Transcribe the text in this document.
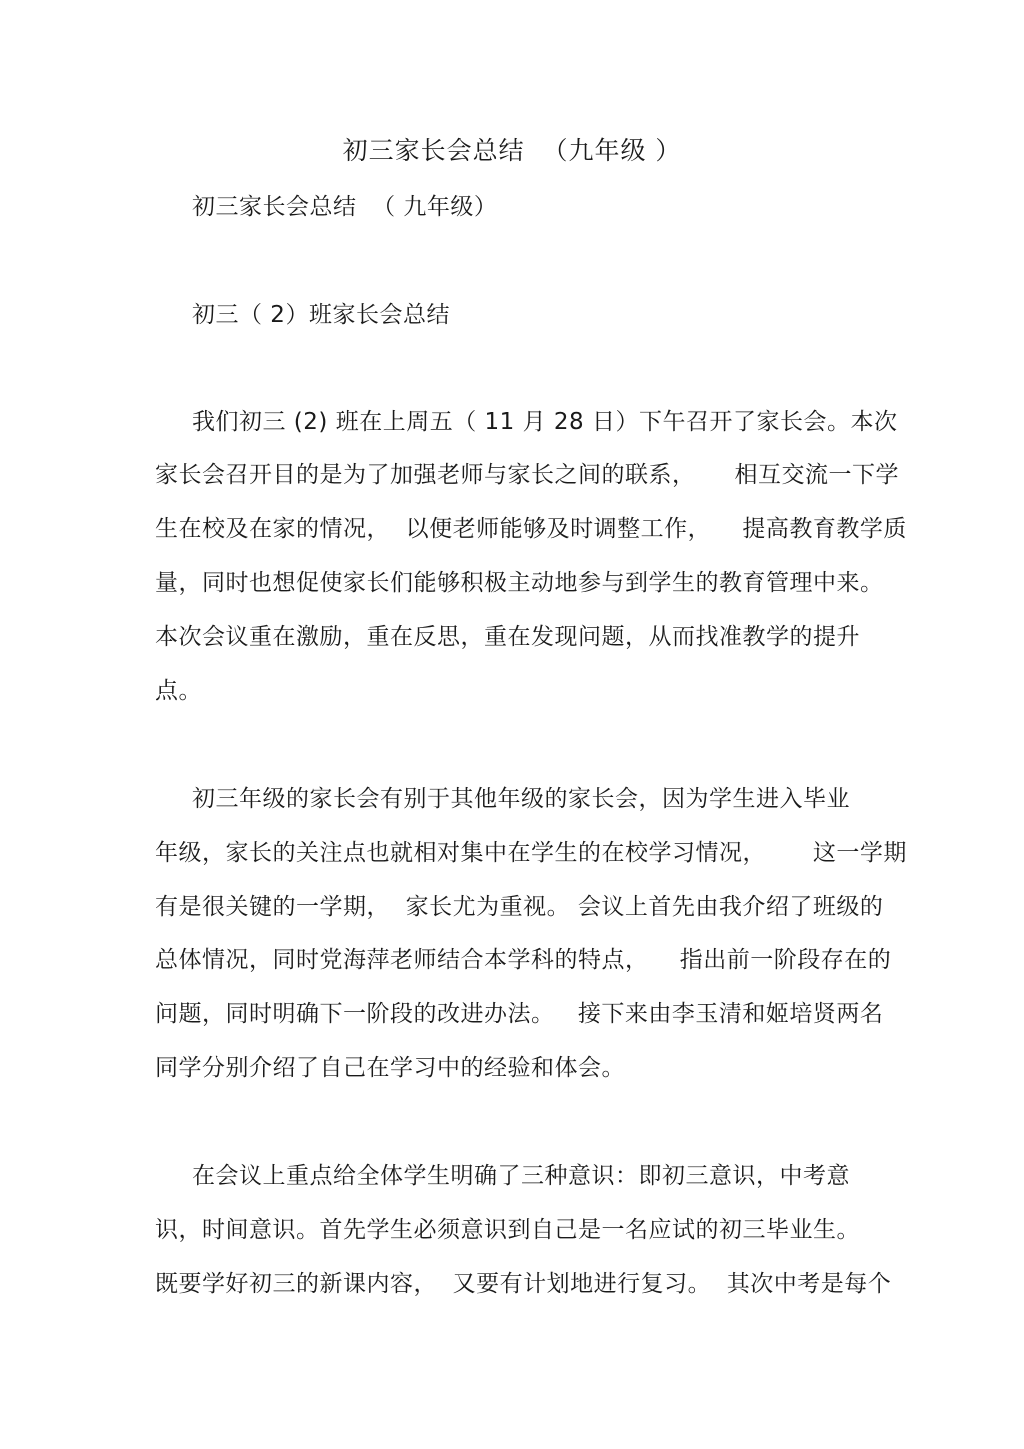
初三家长会总结  （九年级 ）
初三家长会总结  （ 九年级）
初三（ 2）班家长会总结
我们初三 (2) 班在上周五（ 11 月 28 日）下午召开了家长会。本次
家长会召开目的是为了加强老师与家长之间的联系，     相互交流一下学
生在校及在家的情况，  以便老师能够及时调整工作，    提高教育教学质
量，同时也想促使家长们能够积极主动地参与到学生的教育管理中来。
本次会议重在激励，重在反思，重在发现问题，从而找准教学的提升
点。
初三年级的家长会有别于其他年级的家长会，因为学生进入毕业
年级，家长的关注点也就相对集中在学生的在校学习情况，      这一学期
有是很关键的一学期，  家长尤为重视。 会议上首先由我介绍了班级的
总体情况，同时党海萍老师结合本学科的特点，    指出前一阶段存在的
问题，同时明确下一阶段的改进办法。   接下来由李玉清和姬培贤两名
同学分别介绍了自己在学习中的经验和体会。
在会议上重点给全体学生明确了三种意识：即初三意识，中考意
识，时间意识。首先学生必须意识到自己是一名应试的初三毕业生。
既要学好初三的新课内容，  又要有计划地进行复习。  其次中考是每个
